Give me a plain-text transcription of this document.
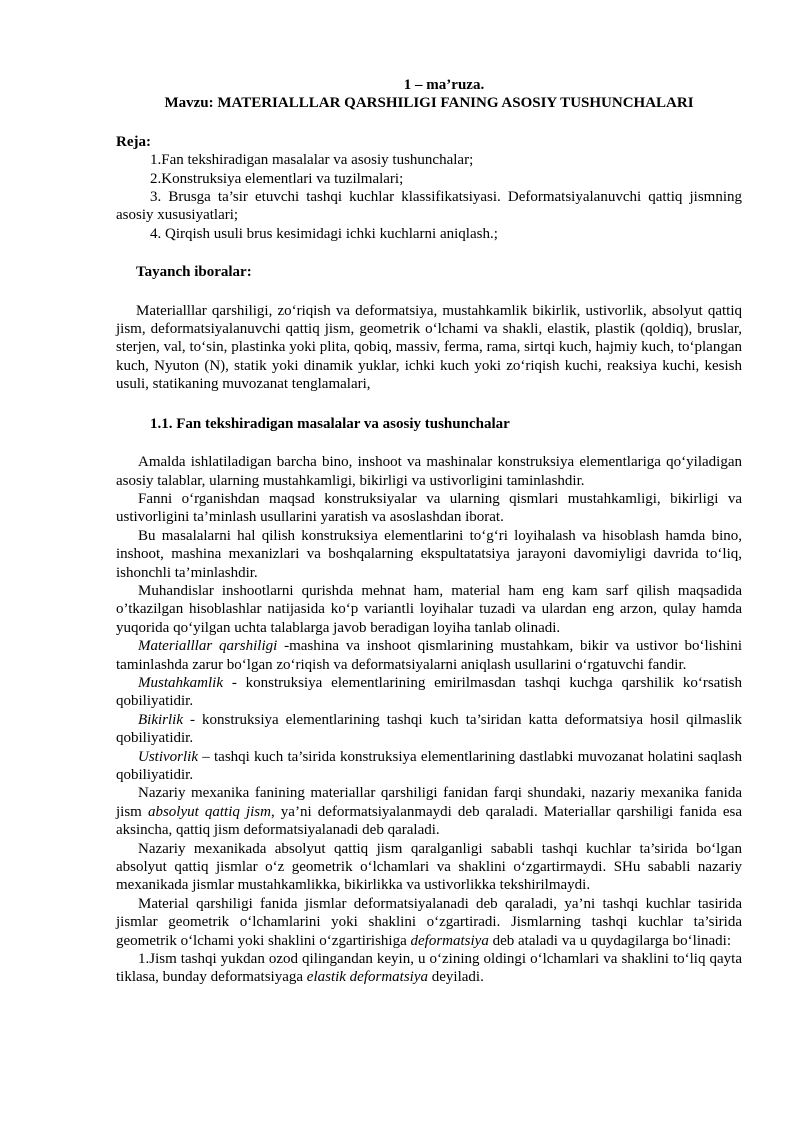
1 – ma’ruza.

Mavzu: MATERIALLLAR QARSHILIGI FANING ASOSIY TUSHUNCHALARI

Reja:

1.Fan tekshiradigan masalalar va asosiy tushunchalar;

2.Konstruksiya elementlari va tuzilmalari;

3. Brusga ta’sir etuvchi tashqi kuchlar klassifikatsiyasi. Deformatsiyalanuvchi qattiq jismning asosiy xususiyatlari;

4. Qirqish usuli brus kesimidagi ichki kuchlarni aniqlash.;

Tayanch iboralar:

Materialllar qarshiligi, zo‘riqish va deformatsiya, mustahkamlik bikirlik, ustivorlik, absolyut qattiq jism, deformatsiyalanuvchi qattiq jism, geometrik o‘lchami va shakli, elastik, plastik (qoldiq), bruslar, sterjen, val, to‘sin, plastinka yoki plita, qobiq, massiv, ferma, rama, sirtqi kuch, hajmiy kuch, to‘plangan kuch, Nyuton (N), statik yoki dinamik yuklar, ichki kuch yoki zo‘riqish kuchi, reaksiya kuchi, kesish usuli, statikaning muvozanat tenglamalari,

1.1. Fan tekshiradigan masalalar va asosiy tushunchalar

Amalda ishlatiladigan barcha bino, inshoot va mashinalar konstruksiya elementlariga qo‘yiladigan asosiy talablar, ularning mustahkamligi, bikirligi va ustivorligini taminlashdir.

Fanni o‘rganishdan maqsad konstruksiyalar va ularning qismlari mustahkamligi, bikirligi va ustivorligini ta’minlash usullarini yaratish va asoslashdan iborat.

Bu masalalarni hal qilish konstruksiya elementlarini to‘g‘ri loyihalash va hisoblash hamda bino, inshoot, mashina mexanizlari va boshqalarning ekspultatatsiya jarayoni davomiyligi davrida to‘liq, ishonchli ta’minlashdir.

Muhandislar inshootlarni qurishda mehnat ham, material ham eng kam sarf qilish maqsadida o’tkazilgan hisoblashlar natijasida ko‘p variantli loyihalar tuzadi va ulardan eng arzon, qulay hamda yuqorida qo‘yilgan uchta talablarga javob beradigan loyiha tanlab olinadi.

Materialllar qarshiligi -mashina va inshoot qismlarining mustahkam, bikir va ustivor bo‘lishini taminlashda zarur bo‘lgan zo‘riqish va deformatsiyalarni aniqlash usullarini o‘rgatuvchi fandir.

Mustahkamlik - konstruksiya elementlarining emirilmasdan tashqi kuchga qarshilik ko‘rsatish qobiliyatidir.

Bikirlik - konstruksiya elementlarining tashqi kuch ta’siridan katta deformatsiya hosil qilmaslik qobiliyatidir.

Ustivorlik – tashqi kuch ta’sirida konstruksiya elementlarining dastlabki muvozanat holatini saqlash qobiliyatidir.

Nazariy mexanika fanining materiallar qarshiligi fanidan farqi shundaki, nazariy mexanika fanida jism absolyut qattiq jism, ya’ni deformatsiyalanmaydi deb qaraladi. Materiallar qarshiligi fanida esa aksincha, qattiq jism deformatsiyalanadi deb qaraladi.

Nazariy mexanikada absolyut qattiq jism qaralganligi sababli tashqi kuchlar ta’sirida bo‘lgan absolyut qattiq jismlar o‘z geometrik o‘lchamlari va shaklini o‘zgartirmaydi. SHu sababli nazariy mexanikada jismlar mustahkamlikka, bikirlikka va ustivorlikka tekshirilmaydi.

Material qarshiligi fanida jismlar deformatsiyalanadi deb qaraladi, ya’ni tashqi kuchlar tasirida jismlar geometrik o‘lchamlarini yoki shaklini o‘zgartiradi. Jismlarning tashqi kuchlar ta’sirida geometrik o‘lchami yoki shaklini o‘zgartirishiga deformatsiya deb ataladi va u quydagilarga bo‘linadi:

1.Jism tashqi yukdan ozod qilingandan keyin, u o‘zining oldingi o‘lchamlari va shaklini to‘liq qayta tiklasa, bunday deformatsiyaga elastik deformatsiya deyiladi.
